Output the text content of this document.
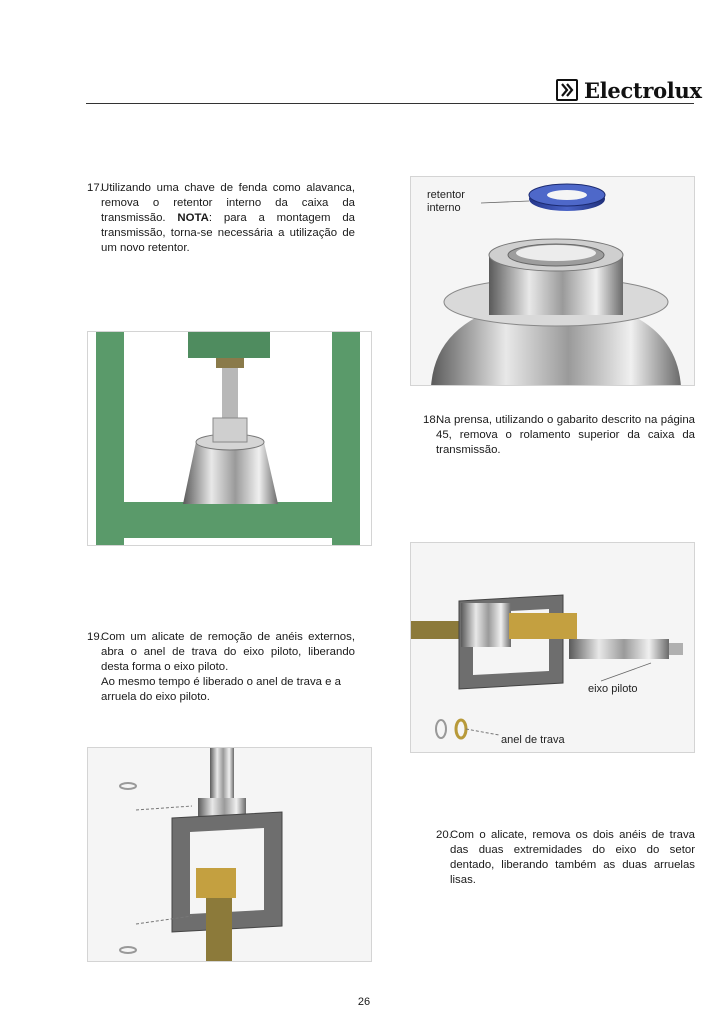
Electrolux
17.
Utilizando uma chave de fenda como alavanca, remova o retentor interno da caixa da transmissão. NOTA: para a montagem da transmissão, torna-se necessária a utilização de um novo retentor.
retentor
interno
18.
Na prensa, utilizando o gabarito descrito na página 45, remova o rolamento superior da caixa da transmissão.
eixo piloto
anel de trava
19.
Com um alicate de remoção de anéis externos, abra o anel de trava do eixo piloto, liberando desta forma o eixo piloto.
Ao mesmo tempo é liberado o anel de trava e a arruela do eixo piloto.
20.
Com o alicate, remova os dois anéis de trava das duas extremidades do eixo do setor dentado, liberando também as duas arruelas lisas.
26
